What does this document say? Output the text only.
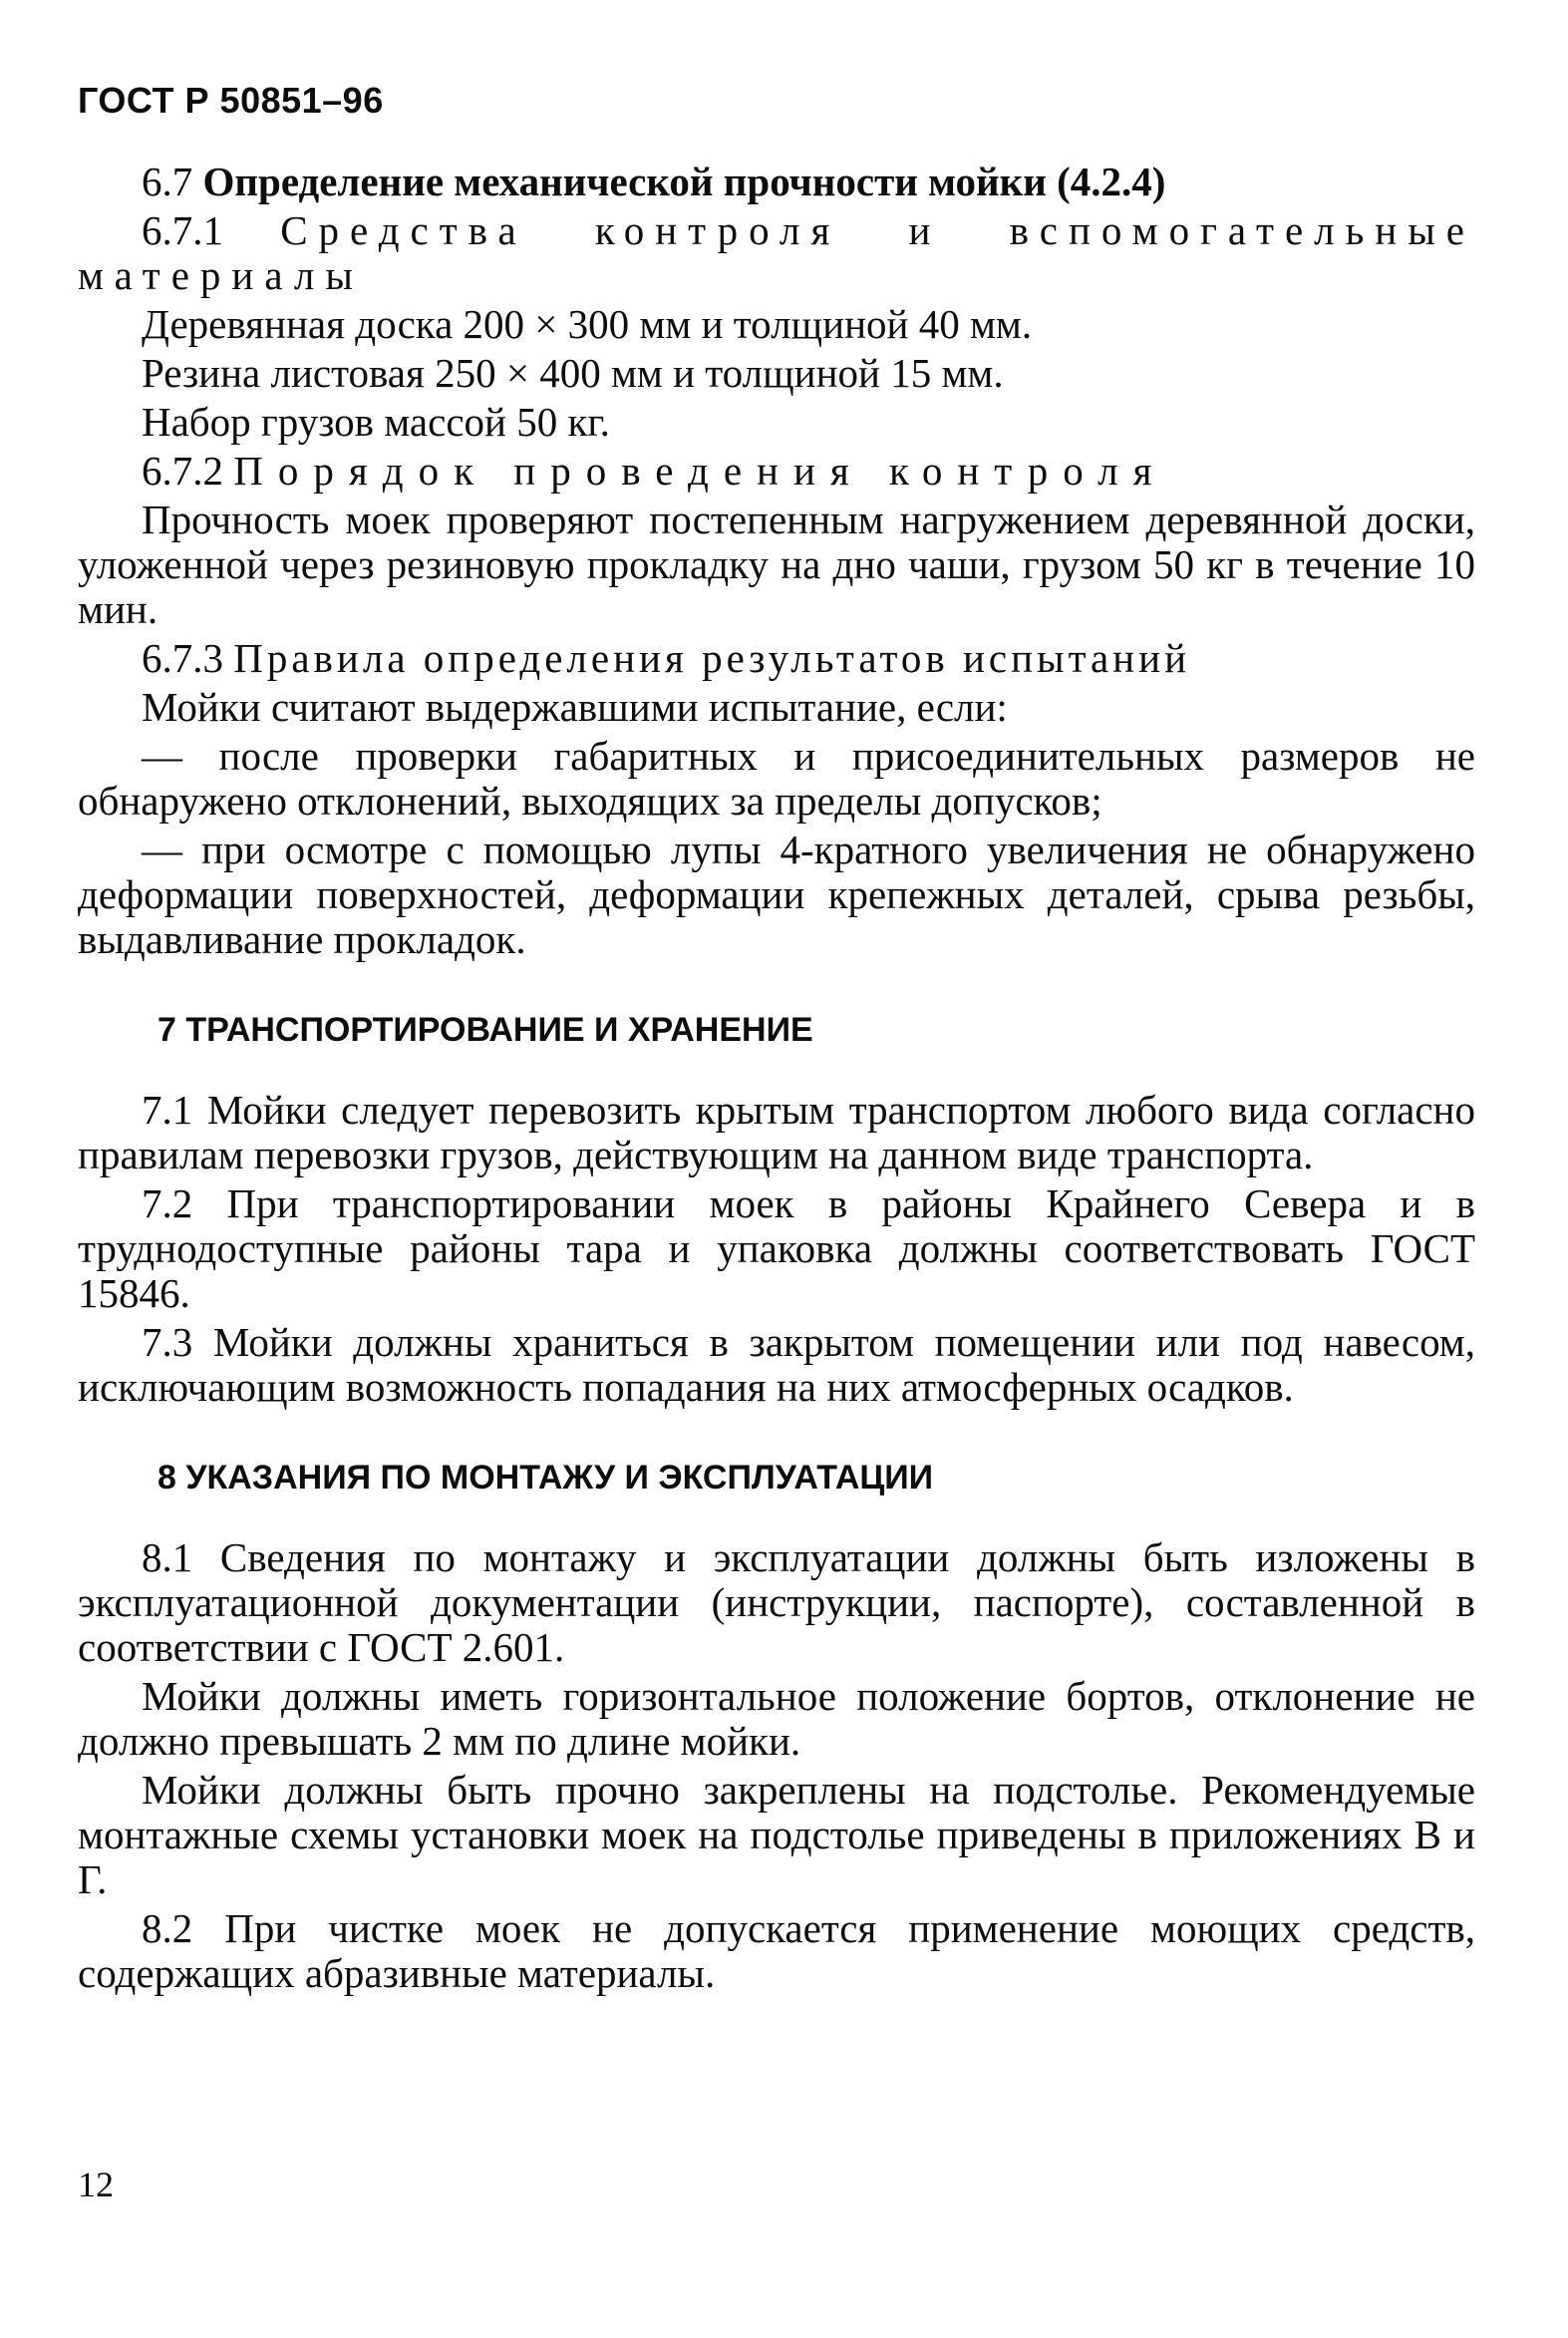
ГОСТ Р 50851–96

6.7 Определение механической прочности мойки (4.2.4)

6.7.1 Средства контроля и вспомогательные материалы

Деревянная доска 200 × 300 мм и толщиной 40 мм.

Резина листовая 250 × 400 мм и толщиной 15 мм.

Набор грузов массой 50 кг.

6.7.2 Порядок проведения контроля

Прочность моек проверяют постепенным нагружением деревянной доски, уложенной через резиновую прокладку на дно чаши, грузом 50 кг в течение 10 мин.

6.7.3 Правила определения результатов испытаний

Мойки считают выдержавшими испытание, если:

— после проверки габаритных и присоединительных размеров не обнаружено отклонений, выходящих за пределы допусков;

— при осмотре с помощью лупы 4-кратного увеличения не обнаружено деформации поверхностей, деформации крепежных деталей, срыва резьбы, выдавливание прокладок.

7 ТРАНСПОРТИРОВАНИЕ И ХРАНЕНИЕ

7.1 Мойки следует перевозить крытым транспортом любого вида согласно правилам перевозки грузов, действующим на данном виде транспорта.

7.2 При транспортировании моек в районы Крайнего Севера и в труднодоступные районы тара и упаковка должны соответствовать ГОСТ 15846.

7.3 Мойки должны храниться в закрытом помещении или под навесом, исключающим возможность попадания на них атмосферных осадков.

8 УКАЗАНИЯ ПО МОНТАЖУ И ЭКСПЛУАТАЦИИ

8.1 Сведения по монтажу и эксплуатации должны быть изложены в эксплуатационной документации (инструкции, паспорте), составленной в соответствии с ГОСТ 2.601.

Мойки должны иметь горизонтальное положение бортов, отклонение не должно превышать 2 мм по длине мойки.

Мойки должны быть прочно закреплены на подстолье. Рекомендуемые монтажные схемы установки моек на подстолье приведены в приложениях В и Г.

8.2 При чистке моек не допускается применение моющих средств, содержащих абразивные материалы.

12
